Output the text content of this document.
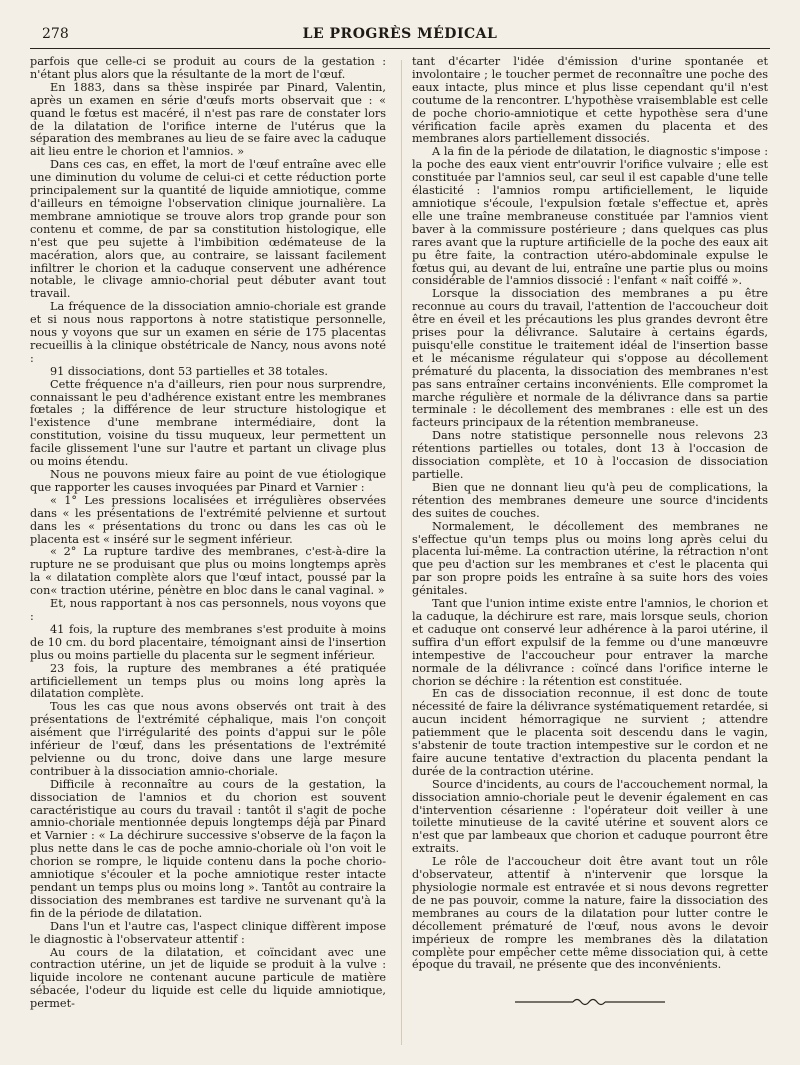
278	LE PROGRÈS MÉDICAL

parfois que celle-ci se produit au cours de la gestation : n'étant plus alors que la résultante de la mort de l'œuf.

En 1883, dans sa thèse inspirée par Pinard, Valentin, après un examen en série d'œufs morts observait que : « quand le fœtus est macéré, il n'est pas rare de constater lors de la dilatation de l'orifice interne de l'utérus que la séparation des membranes au lieu de se faire avec la caduque ait lieu entre le chorion et l'amnios. »

Dans ces cas, en effet, la mort de l'œuf entraîne avec elle une diminution du volume de celui-ci et cette réduction porte principalement sur la quantité de liquide amniotique, comme d'ailleurs en témoigne l'observation clinique journalière. La membrane amniotique se trouve alors trop grande pour son contenu et comme, de par sa constitution histologique, elle n'est que peu sujette à l'imbibition œdémateuse de la macération, alors que, au contraire, se laissant facilement infiltrer le chorion et la caduque conservent une adhérence notable, le clivage amnio-chorial peut débuter avant tout travail.

La fréquence de la dissociation amnio-choriale est grande et si nous nous rapportons à notre statistique personnelle, nous y voyons que sur un examen en série de 175 placentas recueillis à la clinique obstétricale de Nancy, nous avons noté :

91 dissociations, dont 53 partielles et 38 totales.

Cette fréquence n'a d'ailleurs, rien pour nous surprendre, connaissant le peu d'adhérence existant entre les membranes fœtales ; la différence de leur structure histologique et l'existence d'une membrane intermédiaire, dont la constitution, voisine du tissu muqueux, leur permettent un facile glissement l'une sur l'autre et partant un clivage plus ou moins étendu.

Nous ne pouvons mieux faire au point de vue étiologique que rapporter les causes invoquées par Pinard et Varnier :

« 1° Les pressions localisées et irrégulières observées dans « les présentations de l'extrémité pelvienne et surtout dans les « présentations du tronc ou dans les cas où le placenta est « inséré sur le segment inférieur.

« 2° La rupture tardive des membranes, c'est-à-dire la rupture ne se produisant que plus ou moins longtemps après la « dilatation complète alors que l'œuf intact, poussé par la con« traction utérine, pénètre en bloc dans le canal vaginal. »

Et, nous rapportant à nos cas personnels, nous voyons que :

41 fois, la rupture des membranes s'est produite à moins de 10 cm. du bord placentaire, témoignant ainsi de l'insertion plus ou moins partielle du placenta sur le segment inférieur.

23 fois, la rupture des membranes a été pratiquée artificiellement un temps plus ou moins long après la dilatation complète.

Tous les cas que nous avons observés ont trait à des présentations de l'extrémité céphalique, mais l'on conçoit aisément que l'irrégularité des points d'appui sur le pôle inférieur de l'œuf, dans les présentations de l'extrémité pelvienne ou du tronc, doive dans une large mesure contribuer à la dissociation amnio-choriale.

Difficile à reconnaître au cours de la gestation, la dissociation de l'amnios et du chorion est souvent caractéristique au cours du travail : tantôt il s'agit de poche amnio-choriale mentionnée depuis longtemps déjà par Pinard et Varnier : « La déchirure successive s'observe de la façon la plus nette dans le cas de poche amnio-choriale où l'on voit le chorion se rompre, le liquide contenu dans la poche chorio-amniotique s'écouler et la poche amniotique rester intacte pendant un temps plus ou moins long ». Tantôt au contraire la dissociation des membranes est tardive ne survenant qu'à la fin de la période de dilatation.

Dans l'un et l'autre cas, l'aspect clinique diffèrent impose le diagnostic à l'observateur attentif :

Au cours de la dilatation, et coïncidant avec une contraction utérine, un jet de liquide se produit à la vulve : liquide incolore ne contenant aucune particule de matière sébacée, l'odeur du liquide est celle du liquide amniotique, permet-

tant d'écarter l'idée d'émission d'urine spontanée et involontaire ; le toucher permet de reconnaître une poche des eaux intacte, plus mince et plus lisse cependant qu'il n'est coutume de la rencontrer. L'hypothèse vraisemblable est celle de poche chorio-amniotique et cette hypothèse sera d'une vérification facile après examen du placenta et des membranes alors partiellement dissociés.

A la fin de la période de dilatation, le diagnostic s'impose : la poche des eaux vient entr'ouvrir l'orifice vulvaire ; elle est constituée par l'amnios seul, car seul il est capable d'une telle élasticité : l'amnios rompu artificiellement, le liquide amniotique s'écoule, l'expulsion fœtale s'effectue et, après elle une traîne membraneuse constituée par l'amnios vient baver à la commissure postérieure ; dans quelques cas plus rares avant que la rupture artificielle de la poche des eaux ait pu être faite, la contraction utéro-abdominale expulse le fœtus qui, au devant de lui, entraîne une partie plus ou moins considérable de l'amnios dissocié : l'enfant « naît coiffé ».

Lorsque la dissociation des membranes a pu être reconnue au cours du travail, l'attention de l'accoucheur doit être en éveil et les précautions les plus grandes devront être prises pour la délivrance. Salutaire à certains égards, puisqu'elle constitue le traitement idéal de l'insertion basse et le mécanisme régulateur qui s'oppose au décollement prématuré du placenta, la dissociation des membranes n'est pas sans entraîner certains inconvénients. Elle compromet la marche régulière et normale de la délivrance dans sa partie terminale : le décollement des membranes : elle est un des facteurs principaux de la rétention membraneuse.

Dans notre statistique personnelle nous relevons 23 rétentions partielles ou totales, dont 13 à l'occasion de dissociation complète, et 10 à l'occasion de dissociation partielle.

Bien que ne donnant lieu qu'à peu de complications, la rétention des membranes demeure une source d'incidents des suites de couches.

Normalement, le décollement des membranes ne s'effectue qu'un temps plus ou moins long après celui du placenta lui-même. La contraction utérine, la rétraction n'ont que peu d'action sur les membranes et c'est le placenta qui par son propre poids les entraîne à sa suite hors des voies génitales.

Tant que l'union intime existe entre l'amnios, le chorion et la caduque, la déchirure est rare, mais lorsque seuls, chorion et caduque ont conservé leur adhérence à la paroi utérine, il suffira d'un effort expulsif de la femme ou d'une manœuvre intempestive de l'accoucheur pour entraver la marche normale de la délivrance : coïncé dans l'orifice interne le chorion se déchire : la rétention est constituée.

En cas de dissociation reconnue, il est donc de toute nécessité de faire la délivrance systématiquement retardée, si aucun incident hémorragique ne survient ; attendre patiemment que le placenta soit descendu dans le vagin, s'abstenir de toute traction intempestive sur le cordon et ne faire aucune tentative d'extraction du placenta pendant la durée de la contraction utérine.

Source d'incidents, au cours de l'accouchement normal, la dissociation amnio-choriale peut le devenir également en cas d'intervention césarienne : l'opérateur doit veiller à une toilette minutieuse de la cavité utérine et souvent alors ce n'est que par lambeaux que chorion et caduque pourront être extraits.

Le rôle de l'accoucheur doit être avant tout un rôle d'observateur, attentif à n'intervenir que lorsque la physiologie normale est entravée et si nous devons regretter de ne pas pouvoir, comme la nature, faire la dissociation des membranes au cours de la dilatation pour lutter contre le décollement prématuré de l'œuf, nous avons le devoir impérieux de rompre les membranes dès la dilatation complète pour empêcher cette même dissociation qui, à cette époque du travail, ne présente que des inconvénients.
